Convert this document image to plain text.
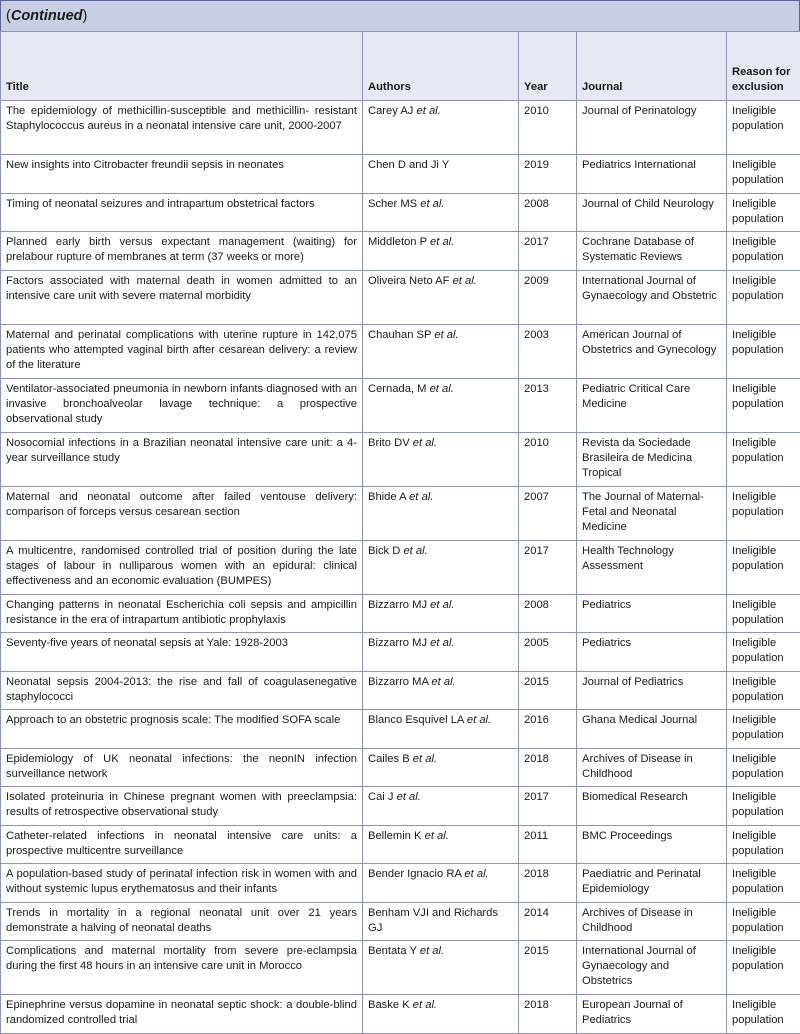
(Continued)
Title	Authors	Year	Journal	Reason for exclusion
The epidemiology of methicillin-susceptible and methicillin- resistant Staphylococcus aureus in a neonatal intensive care unit, 2000-2007	Carey AJ et al.	2010	Journal of Perinatology	Ineligible population
New insights into Citrobacter freundii sepsis in neonates	Chen D and Ji Y	2019	Pediatrics International	Ineligible population
Timing of neonatal seizures and intrapartum obstetrical factors	Scher MS et al.	2008	Journal of Child Neurology	Ineligible population
Planned early birth versus expectant management (waiting) for prelabour rupture of membranes at term (37 weeks or more)	Middleton P et al.	2017	Cochrane Database of Systematic Reviews	Ineligible population
Factors associated with maternal death in women admitted to an intensive care unit with severe maternal morbidity	Oliveira Neto AF et al.	2009	International Journal of Gynaecology and Obstetric	Ineligible population
Maternal and perinatal complications with uterine rupture in 142,075 patients who attempted vaginal birth after cesarean delivery: a review of the literature	Chauhan SP et al.	2003	American Journal of Obstetrics and Gynecology	Ineligible population
Ventilator-associated pneumonia in newborn infants diagnosed with an invasive bronchoalveolar lavage technique: a prospective observational study	Cernada, M et al.	2013	Pediatric Critical Care Medicine	Ineligible population
Nosocomial infections in a Brazilian neonatal intensive care unit: a 4-year surveillance study	Brito DV et al.	2010	Revista da Sociedade Brasileira de Medicina Tropical	Ineligible population
Maternal and neonatal outcome after failed ventouse delivery: comparison of forceps versus cesarean section	Bhide A et al.	2007	The Journal of Maternal-Fetal and Neonatal Medicine	Ineligible population
A multicentre, randomised controlled trial of position during the late stages of labour in nulliparous women with an epidural: clinical effectiveness and an economic evaluation (BUMPES)	Bick D et al.	2017	Health Technology Assessment	Ineligible population
Changing patterns in neonatal Escherichia coli sepsis and ampicillin resistance in the era of intrapartum antibiotic prophylaxis	Bizzarro MJ et al.	2008	Pediatrics	Ineligible population
Seventy-five years of neonatal sepsis at Yale: 1928-2003	Bizzarro MJ et al.	2005	Pediatrics	Ineligible population
Neonatal sepsis 2004-2013: the rise and fall of coagulasenegative staphylococci	Bizzarro MA et al.	2015	Journal of Pediatrics	Ineligible population
Approach to an obstetric prognosis scale: The modified SOFA scale	Blanco Esquivel LA et al.	2016	Ghana Medical Journal	Ineligible population
Epidemiology of UK neonatal infections: the neonIN infection surveillance network	Cailes B et al.	2018	Archives of Disease in Childhood	Ineligible population
Isolated proteinuria in Chinese pregnant women with preeclampsia: results of retrospective observational study	Cai J et al.	2017	Biomedical Research	Ineligible population
Catheter-related infections in neonatal intensive care units: a prospective multicentre surveillance	Bellemin K et al.	2011	BMC Proceedings	Ineligible population
A population-based study of perinatal infection risk in women with and without systemic lupus erythematosus and their infants	Bender Ignacio RA et al.	2018	Paediatric and Perinatal Epidemiology	Ineligible population
Trends in mortality in a regional neonatal unit over 21 years demonstrate a halving of neonatal deaths	Benham VJI and Richards GJ	2014	Archives of Disease in Childhood	Ineligible population
Complications and maternal mortality from severe pre-eclampsia during the first 48 hours in an intensive care unit in Morocco	Bentata Y et al.	2015	International Journal of Gynaecology and Obstetrics	Ineligible population
Epinephrine versus dopamine in neonatal septic shock: a double-blind randomized controlled trial	Baske K et al.	2018	European Journal of Pediatrics	Ineligible population
